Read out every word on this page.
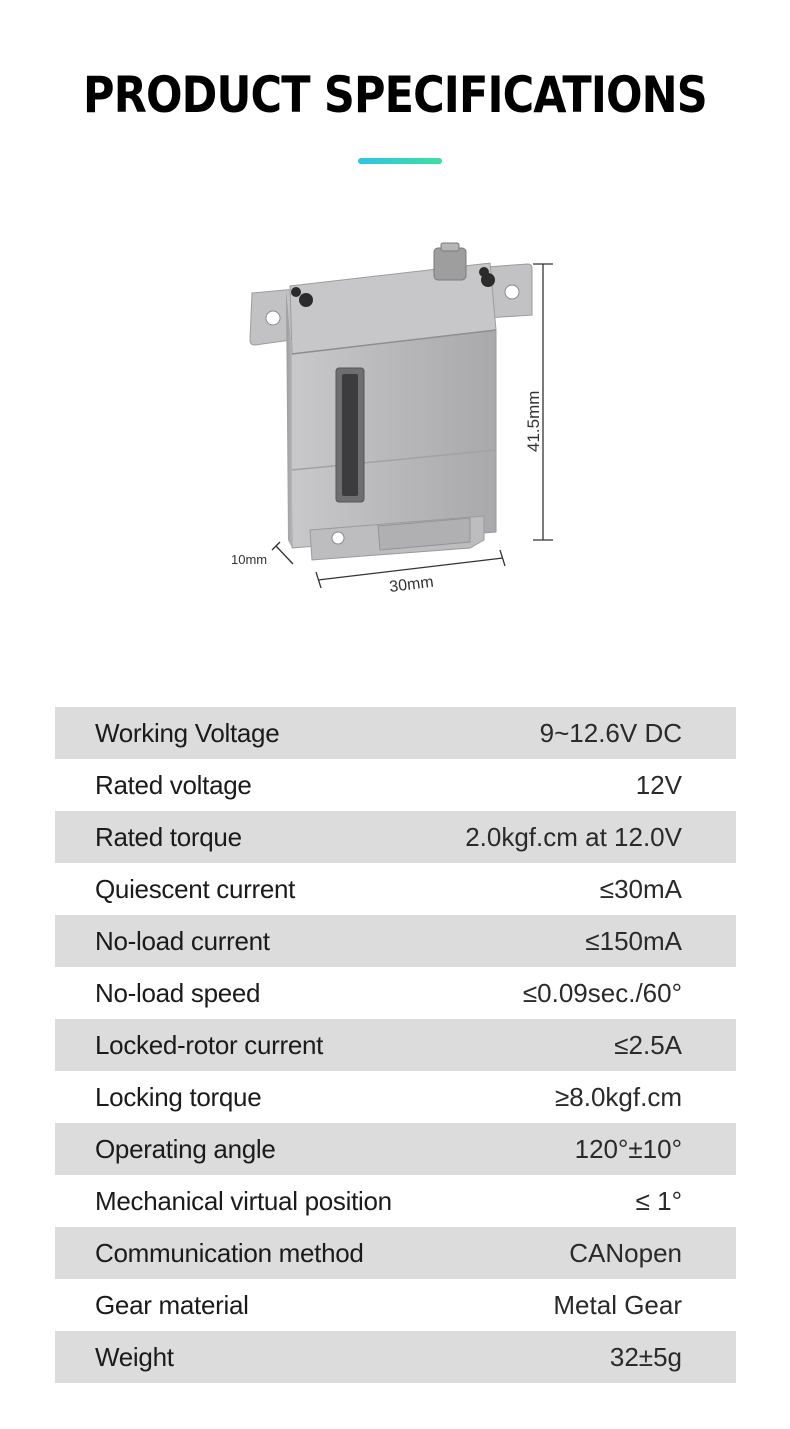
PRODUCT SPECIFICATIONS
41.5mm
30mm
10mm
Working Voltage	9~12.6V DC
Rated voltage	12V
Rated torque	2.0kgf.cm at 12.0V
Quiescent current	≤30mA
No-load current	≤150mA
No-load speed	≤0.09sec./60°
Locked-rotor current	≤2.5A
Locking torque	≥8.0kgf.cm
Operating angle	120°±10°
Mechanical virtual position	≤ 1°
Communication method	CANopen
Gear material	Metal Gear
Weight	32±5g
